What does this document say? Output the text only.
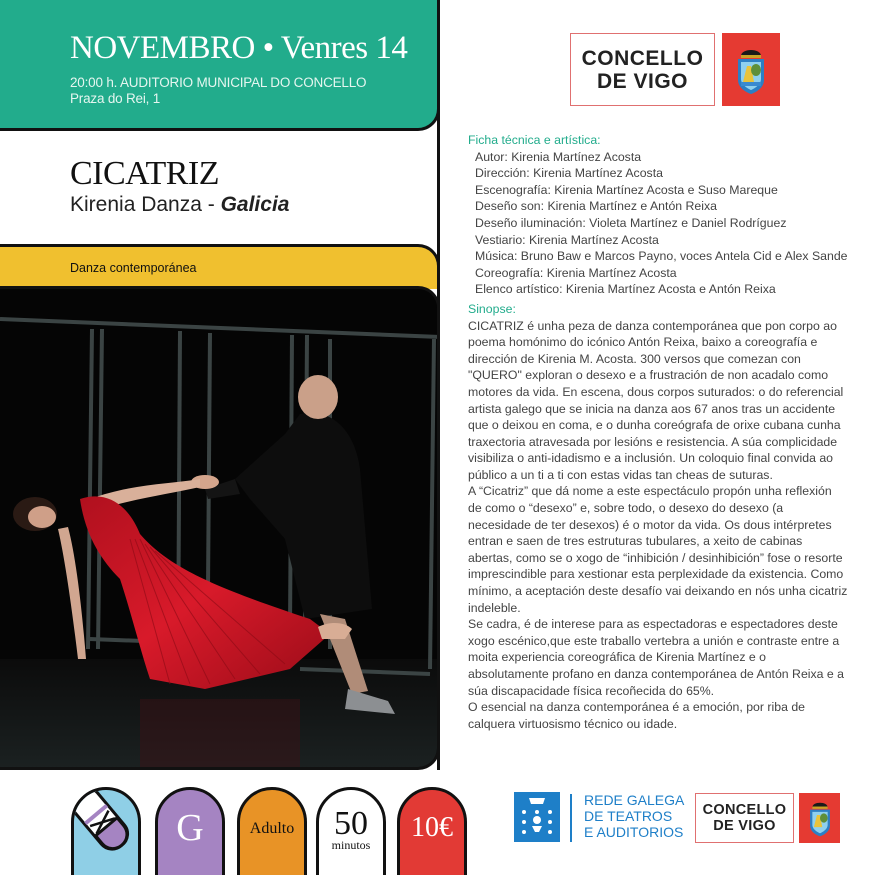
NOVEMBRO • Venres 14
20:00 h. AUDITORIO MUNICIPAL DO CONCELLO
Praza do Rei, 1
CICATRIZ
Kirenia Danza - Galicia
Danza contemporánea
CONCELLO
DE VIGO

Ficha técnica e artística:

Autor: Kirenia Martínez Acosta

Dirección: Kirenia Martínez Acosta

Escenografía: Kirenia Martínez Acosta e Suso Mareque

Deseño son: Kirenia Martínez e Antón Reixa

Deseño iluminación: Violeta Martínez e Daniel Rodríguez

Vestiario: Kirenia Martínez Acosta

Música: Bruno Baw e Marcos Payno, voces Antela Cid e Alex Sande

Coreografía: Kirenia Martínez Acosta

Elenco artístico: Kirenia Martínez Acosta e Antón Reixa

Sinopse:

CICATRIZ é unha peza de danza contemporánea que pon corpo ao poema homónimo do icónico Antón Reixa, baixo a coreografía e dirección de Kirenia M. Acosta. 300 versos que comezan con "QUERO" exploran o desexo e a frustración de non acadalo como motores da vida. En escena, dous corpos suturados: o do referencial artista galego que se inicia na danza aos 67 anos tras un accidente que o deixou en coma, e o dunha coreógrafa de orixe cubana cunha traxectoria atravesada por lesións e resistencia. A súa complicidade visibiliza o anti-idadismo e a inclusión. Un coloquio final convida ao público a un ti a ti con estas vidas tan cheas de suturas.

A “Cicatriz” que dá nome a este espectáculo propón unha reflexión de como o “desexo” e, sobre todo, o desexo do desexo (a necesidade de ter desexos) é o motor da vida. Os dous intérpretes entran e saen de tres estruturas tubulares, a xeito de cabinas abertas, como se o xogo de “inhibición / desinhibición” fose o resorte imprescindible para xestionar esta perplexidade da existencia. Como mínimo, a aceptación deste desafío vai deixando en nós unha cicatriz indeleble.

Se cadra, é de interese para as espectadoras e espectadores deste xogo escénico,que este traballo vertebra a unión e contraste entre a moita experiencia coreográfica de Kirenia Martínez e o absolutamente profano en danza contemporánea de Antón Reixa e a súa discapacidade física recoñecida do 65%.

O esencial na danza contemporánea é a emoción, por riba de calquera virtuosismo técnico ou idade.

G	Adulto 50
minutos
10€
REDE GALEGA
DE TEATROS
E AUDITORIOS
CONCELLO
DE VIGO
